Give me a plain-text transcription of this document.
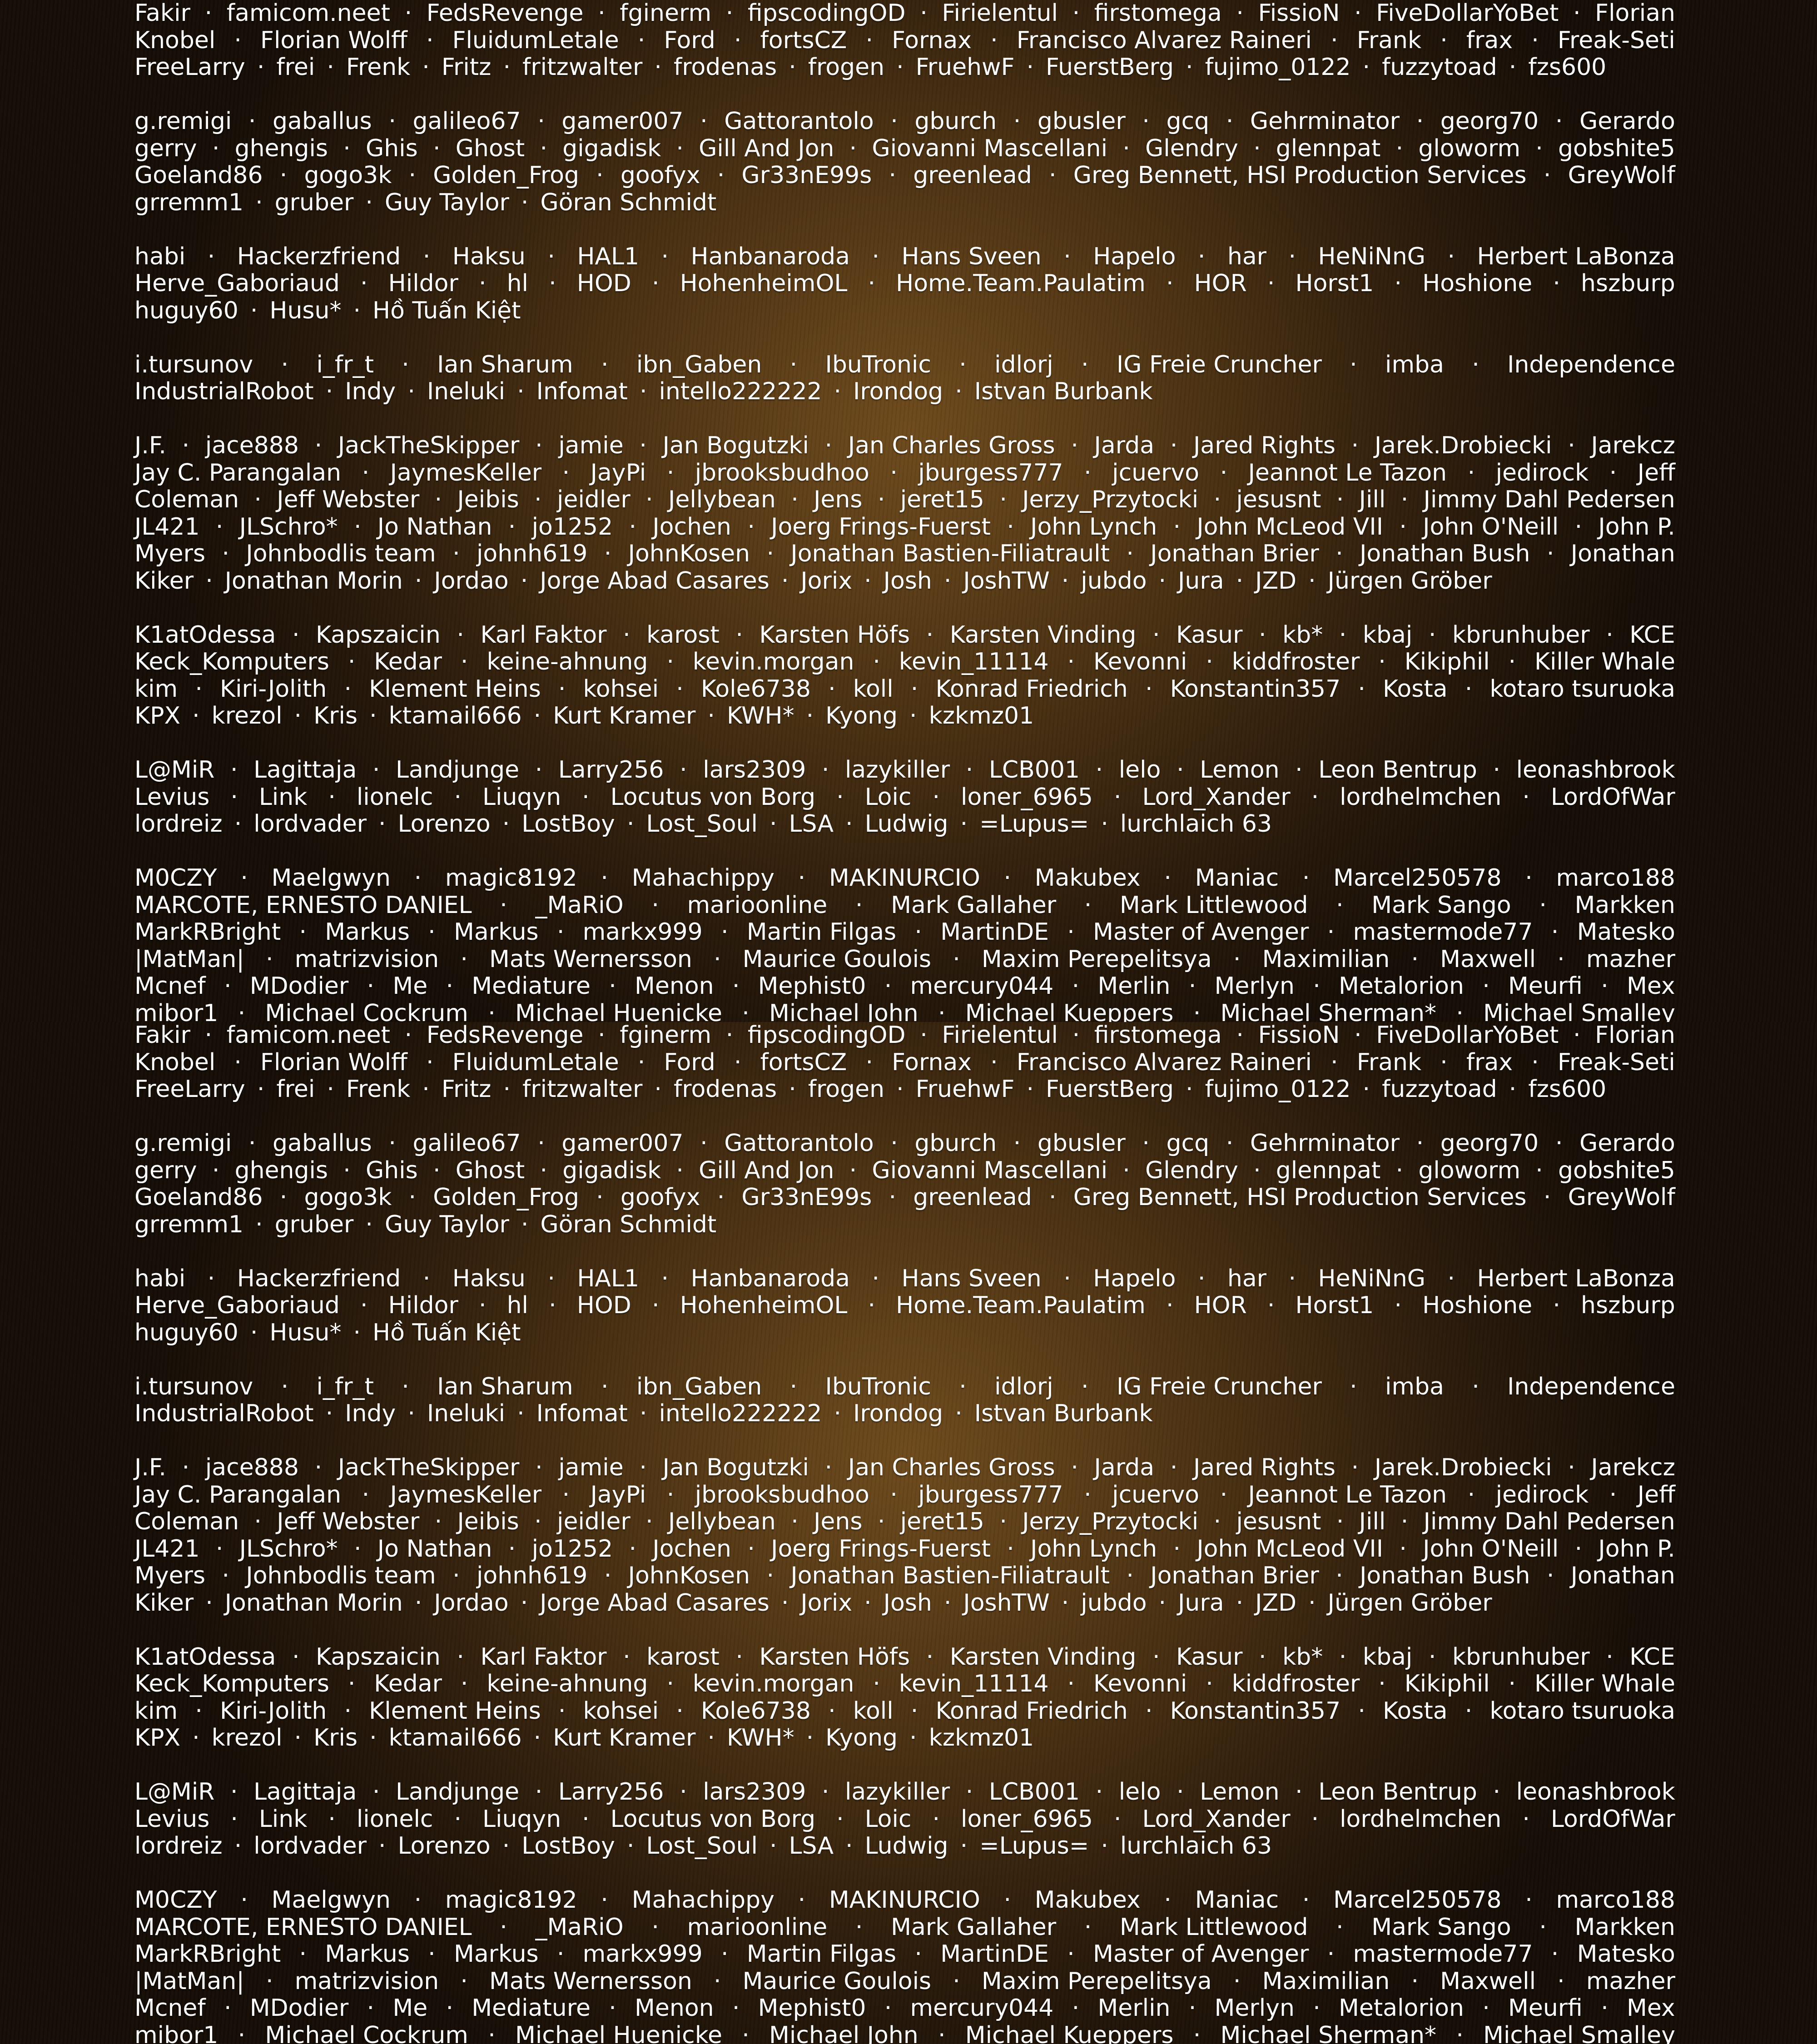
Fakir · famicom.neet · FedsRevenge · fginerm · fipscodingOD · Firielentul · firstomega · FissioN · FiveDollarYoBet · Florian
Knobel · Florian Wolff · FluidumLetale · Ford · fortsCZ · Fornax · Francisco Alvarez Raineri · Frank · frax · Freak-Seti
FreeLarry · frei · Frenk · Fritz · fritzwalter · frodenas · frogen · FruehwF · FuerstBerg · fujimo_0122 · fuzzytoad · fzs600
g.remigi · gaballus · galileo67 · gamer007 · Gattorantolo · gburch · gbusler · gcq · Gehrminator · georg70 · Gerardo
gerry · ghengis · Ghis · Ghost · gigadisk · Gill And Jon · Giovanni Mascellani · Glendry · glennpat · gloworm · gobshite5
Goeland86 · gogo3k · Golden_Frog · goofyx · Gr33nE99s · greenlead · Greg Bennett, HSI Production Services · GreyWolf
grremm1 · gruber · Guy Taylor · Göran Schmidt
habi · Hackerzfriend · Haksu · HAL1 · Hanbanaroda · Hans Sveen · Hapelo · har · HeNiNnG · Herbert LaBonza
Herve_Gaboriaud · Hildor · hl · HOD · HohenheimOL · Home.Team.Paulatim · HOR · Horst1 · Hoshione · hszburp
huguy60 · Husu* · Hồ Tuấn Kiệt
i.tursunov · i_fr_t · Ian Sharum · ibn_Gaben · IbuTronic · idlorj · IG Freie Cruncher · imba · Independence
IndustrialRobot · Indy · Ineluki · Infomat · intello222222 · Irondog · Istvan Burbank
J.F. · jace888 · JackTheSkipper · jamie · Jan Bogutzki · Jan Charles Gross · Jarda · Jared Rights · Jarek.Drobiecki · Jarekcz
Jay C. Parangalan · JaymesKeller · JayPi · jbrooksbudhoo · jburgess777 · jcuervo · Jeannot Le Tazon · jedirock · Jeff
Coleman · Jeff Webster · Jeibis · jeidler · Jellybean · Jens · jeret15 · Jerzy_Przytocki · jesusnt · Jill · Jimmy Dahl Pedersen
JL421 · JLSchro* · Jo Nathan · jo1252 · Jochen · Joerg Frings-Fuerst · John Lynch · John McLeod VII · John O'Neill · John P.
Myers · Johnbodlis team · johnh619 · JohnKosen · Jonathan Bastien-Filiatrault · Jonathan Brier · Jonathan Bush · Jonathan
Kiker · Jonathan Morin · Jordao · Jorge Abad Casares · Jorix · Josh · JoshTW · jubdo · Jura · JZD · Jürgen Gröber
K1atOdessa · Kapszaicin · Karl Faktor · karost · Karsten Höfs · Karsten Vinding · Kasur · kb* · kbaj · kbrunhuber · KCE
Keck_Komputers · Kedar · keine-ahnung · kevin.morgan · kevin_11114 · Kevonni · kiddfroster · Kikiphil · Killer Whale
kim · Kiri-Jolith · Klement Heins · kohsei · Kole6738 · koll · Konrad Friedrich · Konstantin357 · Kosta · kotaro tsuruoka
KPX · krezol · Kris · ktamail666 · Kurt Kramer · KWH* · Kyong · kzkmz01
L@MiR · Lagittaja · Landjunge · Larry256 · lars2309 · lazykiller · LCB001 · lelo · Lemon · Leon Bentrup · leonashbrook
Levius · Link · lionelc · Liuqyn · Locutus von Borg · Loic · loner_6965 · Lord_Xander · lordhelmchen · LordOfWar
lordreiz · lordvader · Lorenzo · LostBoy · Lost_Soul · LSA · Ludwig · =Lupus= · lurchlaich 63
M0CZY · Maelgwyn · magic8192 · Mahachippy · MAKINURCIO · Makubex · Maniac · Marcel250578 · marco188
MARCOTE, ERNESTO DANIEL · _MaRiO · marioonline · Mark Gallaher · Mark Littlewood · Mark Sango · Markken
MarkRBright · Markus · Markus · markx999 · Martin Filgas · MartinDE · Master of Avenger · mastermode77 · Matesko
|MatMan| · matrizvision · Mats Wernersson · Maurice Goulois · Maxim Perepelitsya · Maximilian · Maxwell · mazher
Mcnef · MDodier · Me · Mediature · Menon · Mephist0 · mercury044 · Merlin · Merlyn · Metalorion · Meurfi · Mex
mibor1 · Michael Cockrum · Michael Huenicke · Michael John · Michael Kueppers · Michael Sherman* · Michael Smalley
Fakir · famicom.neet · FedsRevenge · fginerm · fipscodingOD · Firielentul · firstomega · FissioN · FiveDollarYoBet · Florian
Knobel · Florian Wolff · FluidumLetale · Ford · fortsCZ · Fornax · Francisco Alvarez Raineri · Frank · frax · Freak-Seti
FreeLarry · frei · Frenk · Fritz · fritzwalter · frodenas · frogen · FruehwF · FuerstBerg · fujimo_0122 · fuzzytoad · fzs600
g.remigi · gaballus · galileo67 · gamer007 · Gattorantolo · gburch · gbusler · gcq · Gehrminator · georg70 · Gerardo
gerry · ghengis · Ghis · Ghost · gigadisk · Gill And Jon · Giovanni Mascellani · Glendry · glennpat · gloworm · gobshite5
Goeland86 · gogo3k · Golden_Frog · goofyx · Gr33nE99s · greenlead · Greg Bennett, HSI Production Services · GreyWolf
grremm1 · gruber · Guy Taylor · Göran Schmidt
habi · Hackerzfriend · Haksu · HAL1 · Hanbanaroda · Hans Sveen · Hapelo · har · HeNiNnG · Herbert LaBonza
Herve_Gaboriaud · Hildor · hl · HOD · HohenheimOL · Home.Team.Paulatim · HOR · Horst1 · Hoshione · hszburp
huguy60 · Husu* · Hồ Tuấn Kiệt
i.tursunov · i_fr_t · Ian Sharum · ibn_Gaben · IbuTronic · idlorj · IG Freie Cruncher · imba · Independence
IndustrialRobot · Indy · Ineluki · Infomat · intello222222 · Irondog · Istvan Burbank
J.F. · jace888 · JackTheSkipper · jamie · Jan Bogutzki · Jan Charles Gross · Jarda · Jared Rights · Jarek.Drobiecki · Jarekcz
Jay C. Parangalan · JaymesKeller · JayPi · jbrooksbudhoo · jburgess777 · jcuervo · Jeannot Le Tazon · jedirock · Jeff
Coleman · Jeff Webster · Jeibis · jeidler · Jellybean · Jens · jeret15 · Jerzy_Przytocki · jesusnt · Jill · Jimmy Dahl Pedersen
JL421 · JLSchro* · Jo Nathan · jo1252 · Jochen · Joerg Frings-Fuerst · John Lynch · John McLeod VII · John O'Neill · John P.
Myers · Johnbodlis team · johnh619 · JohnKosen · Jonathan Bastien-Filiatrault · Jonathan Brier · Jonathan Bush · Jonathan
Kiker · Jonathan Morin · Jordao · Jorge Abad Casares · Jorix · Josh · JoshTW · jubdo · Jura · JZD · Jürgen Gröber
K1atOdessa · Kapszaicin · Karl Faktor · karost · Karsten Höfs · Karsten Vinding · Kasur · kb* · kbaj · kbrunhuber · KCE
Keck_Komputers · Kedar · keine-ahnung · kevin.morgan · kevin_11114 · Kevonni · kiddfroster · Kikiphil · Killer Whale
kim · Kiri-Jolith · Klement Heins · kohsei · Kole6738 · koll · Konrad Friedrich · Konstantin357 · Kosta · kotaro tsuruoka
KPX · krezol · Kris · ktamail666 · Kurt Kramer · KWH* · Kyong · kzkmz01
L@MiR · Lagittaja · Landjunge · Larry256 · lars2309 · lazykiller · LCB001 · lelo · Lemon · Leon Bentrup · leonashbrook
Levius · Link · lionelc · Liuqyn · Locutus von Borg · Loic · loner_6965 · Lord_Xander · lordhelmchen · LordOfWar
lordreiz · lordvader · Lorenzo · LostBoy · Lost_Soul · LSA · Ludwig · =Lupus= · lurchlaich 63
M0CZY · Maelgwyn · magic8192 · Mahachippy · MAKINURCIO · Makubex · Maniac · Marcel250578 · marco188
MARCOTE, ERNESTO DANIEL · _MaRiO · marioonline · Mark Gallaher · Mark Littlewood · Mark Sango · Markken
MarkRBright · Markus · Markus · markx999 · Martin Filgas · MartinDE · Master of Avenger · mastermode77 · Matesko
|MatMan| · matrizvision · Mats Wernersson · Maurice Goulois · Maxim Perepelitsya · Maximilian · Maxwell · mazher
Mcnef · MDodier · Me · Mediature · Menon · Mephist0 · mercury044 · Merlin · Merlyn · Metalorion · Meurfi · Mex
mibor1 · Michael Cockrum · Michael Huenicke · Michael John · Michael Kueppers · Michael Sherman* · Michael Smalley
